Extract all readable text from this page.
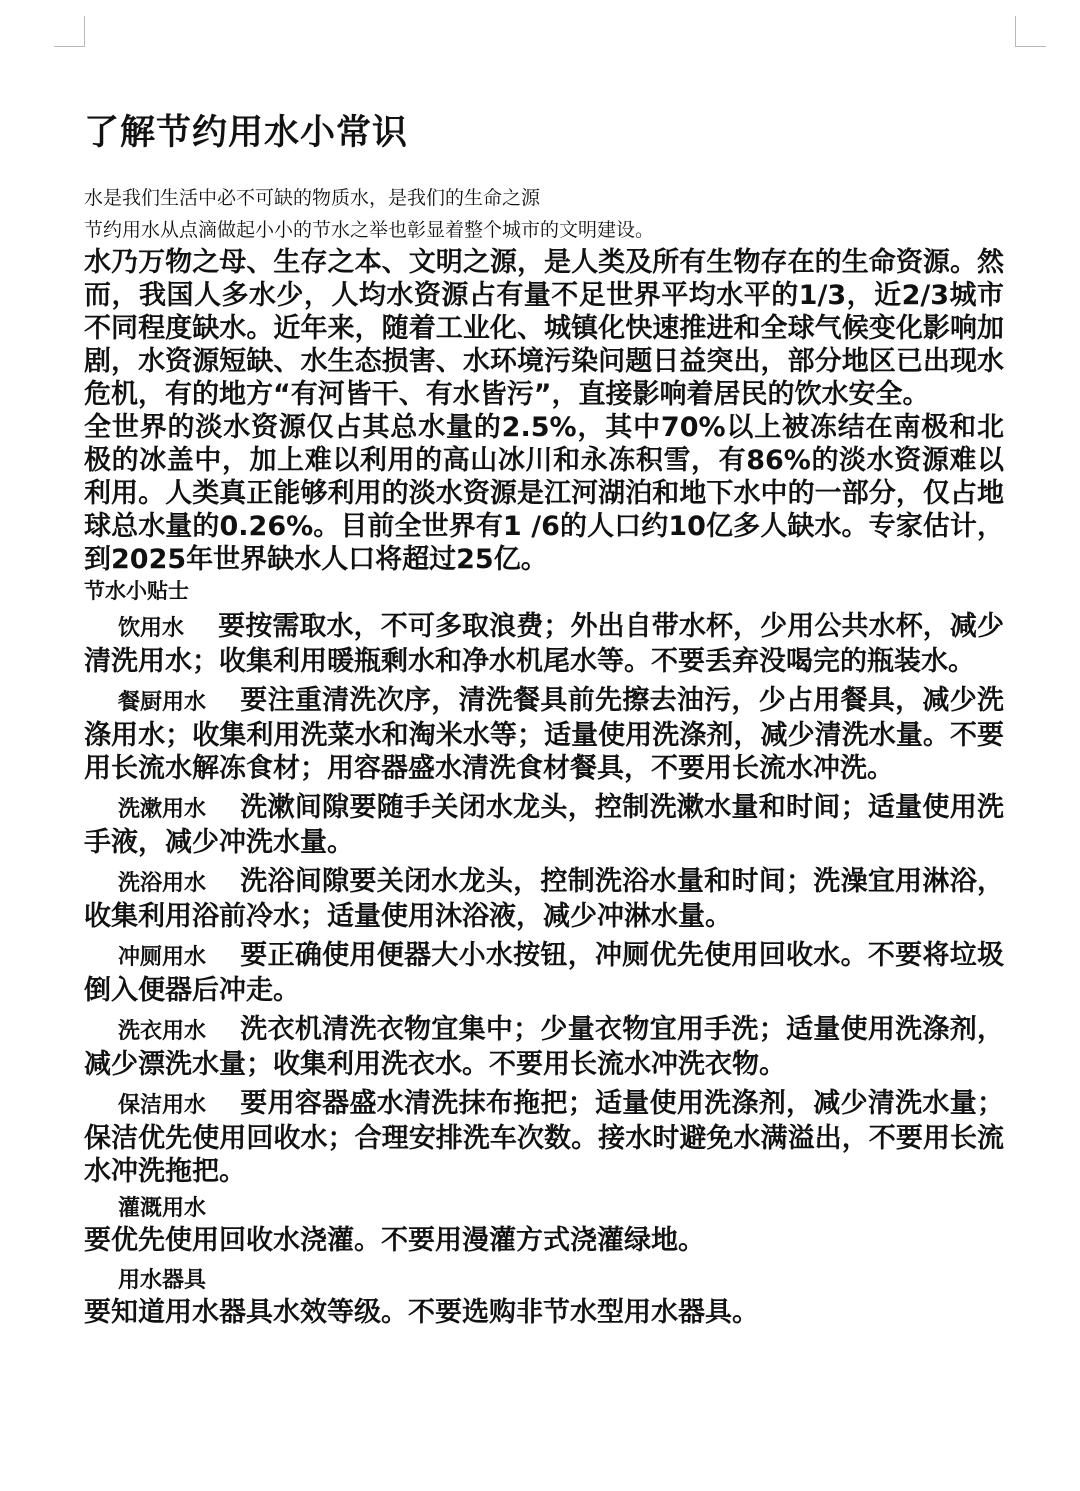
了解节约用水小常识

水是我们生活中必不可缺的物质水，是我们的生命之源

节约用水从点滴做起小小的节水之举也彰显着整个城市的文明建设。

水乃万物之母、生存之本、文明之源，是人类及所有生物存在的生命资源。然而，我国人多水少，人均水资源占有量不足世界平均水平的1/3，近2/3城市不同程度缺水。近年来，随着工业化、城镇化快速推进和全球气候变化影响加剧，水资源短缺、水生态损害、水环境污染问题日益突出，部分地区已出现水危机，有的地方“有河皆干、有水皆污”，直接影响着居民的饮水安全。

全世界的淡水资源仅占其总水量的2.5%，其中70%以上被冻结在南极和北极的冰盖中，加上难以利用的高山冰川和永冻积雪，有86%的淡水资源难以利用。人类真正能够利用的淡水资源是江河湖泊和地下水中的一部分，仅占地球总水量的0.26%。目前全世界有1 /6的人口约10亿多人缺水。专家估计，到2025年世界缺水人口将超过25亿。

节水小贴士

饮用水 要按需取水，不可多取浪费；外出自带水杯，少用公共水杯，减少清洗用水；收集利用暖瓶剩水和净水机尾水等。不要丢弃没喝完的瓶装水。

餐厨用水 要注重清洗次序，清洗餐具前先擦去油污，少占用餐具，减少洗涤用水；收集利用洗菜水和淘米水等；适量使用洗涤剂，减少清洗水量。不要用长流水解冻食材；用容器盛水清洗食材餐具，不要用长流水冲洗。

洗漱用水 洗漱间隙要随手关闭水龙头，控制洗漱水量和时间；适量使用洗手液，减少冲洗水量。

洗浴用水 洗浴间隙要关闭水龙头，控制洗浴水量和时间；洗澡宜用淋浴，收集利用浴前冷水；适量使用沐浴液，减少冲淋水量。

冲厕用水 要正确使用便器大小水按钮，冲厕优先使用回收水。不要将垃圾倒入便器后冲走。

洗衣用水 洗衣机清洗衣物宜集中；少量衣物宜用手洗；适量使用洗涤剂，减少漂洗水量；收集利用洗衣水。不要用长流水冲洗衣物。

保洁用水 要用容器盛水清洗抹布拖把；适量使用洗涤剂，减少清洗水量；保洁优先使用回收水；合理安排洗车次数。接水时避免水满溢出，不要用长流水冲洗拖把。

灌溉用水

要优先使用回收水浇灌。不要用漫灌方式浇灌绿地。

用水器具

要知道用水器具水效等级。不要选购非节水型用水器具。
